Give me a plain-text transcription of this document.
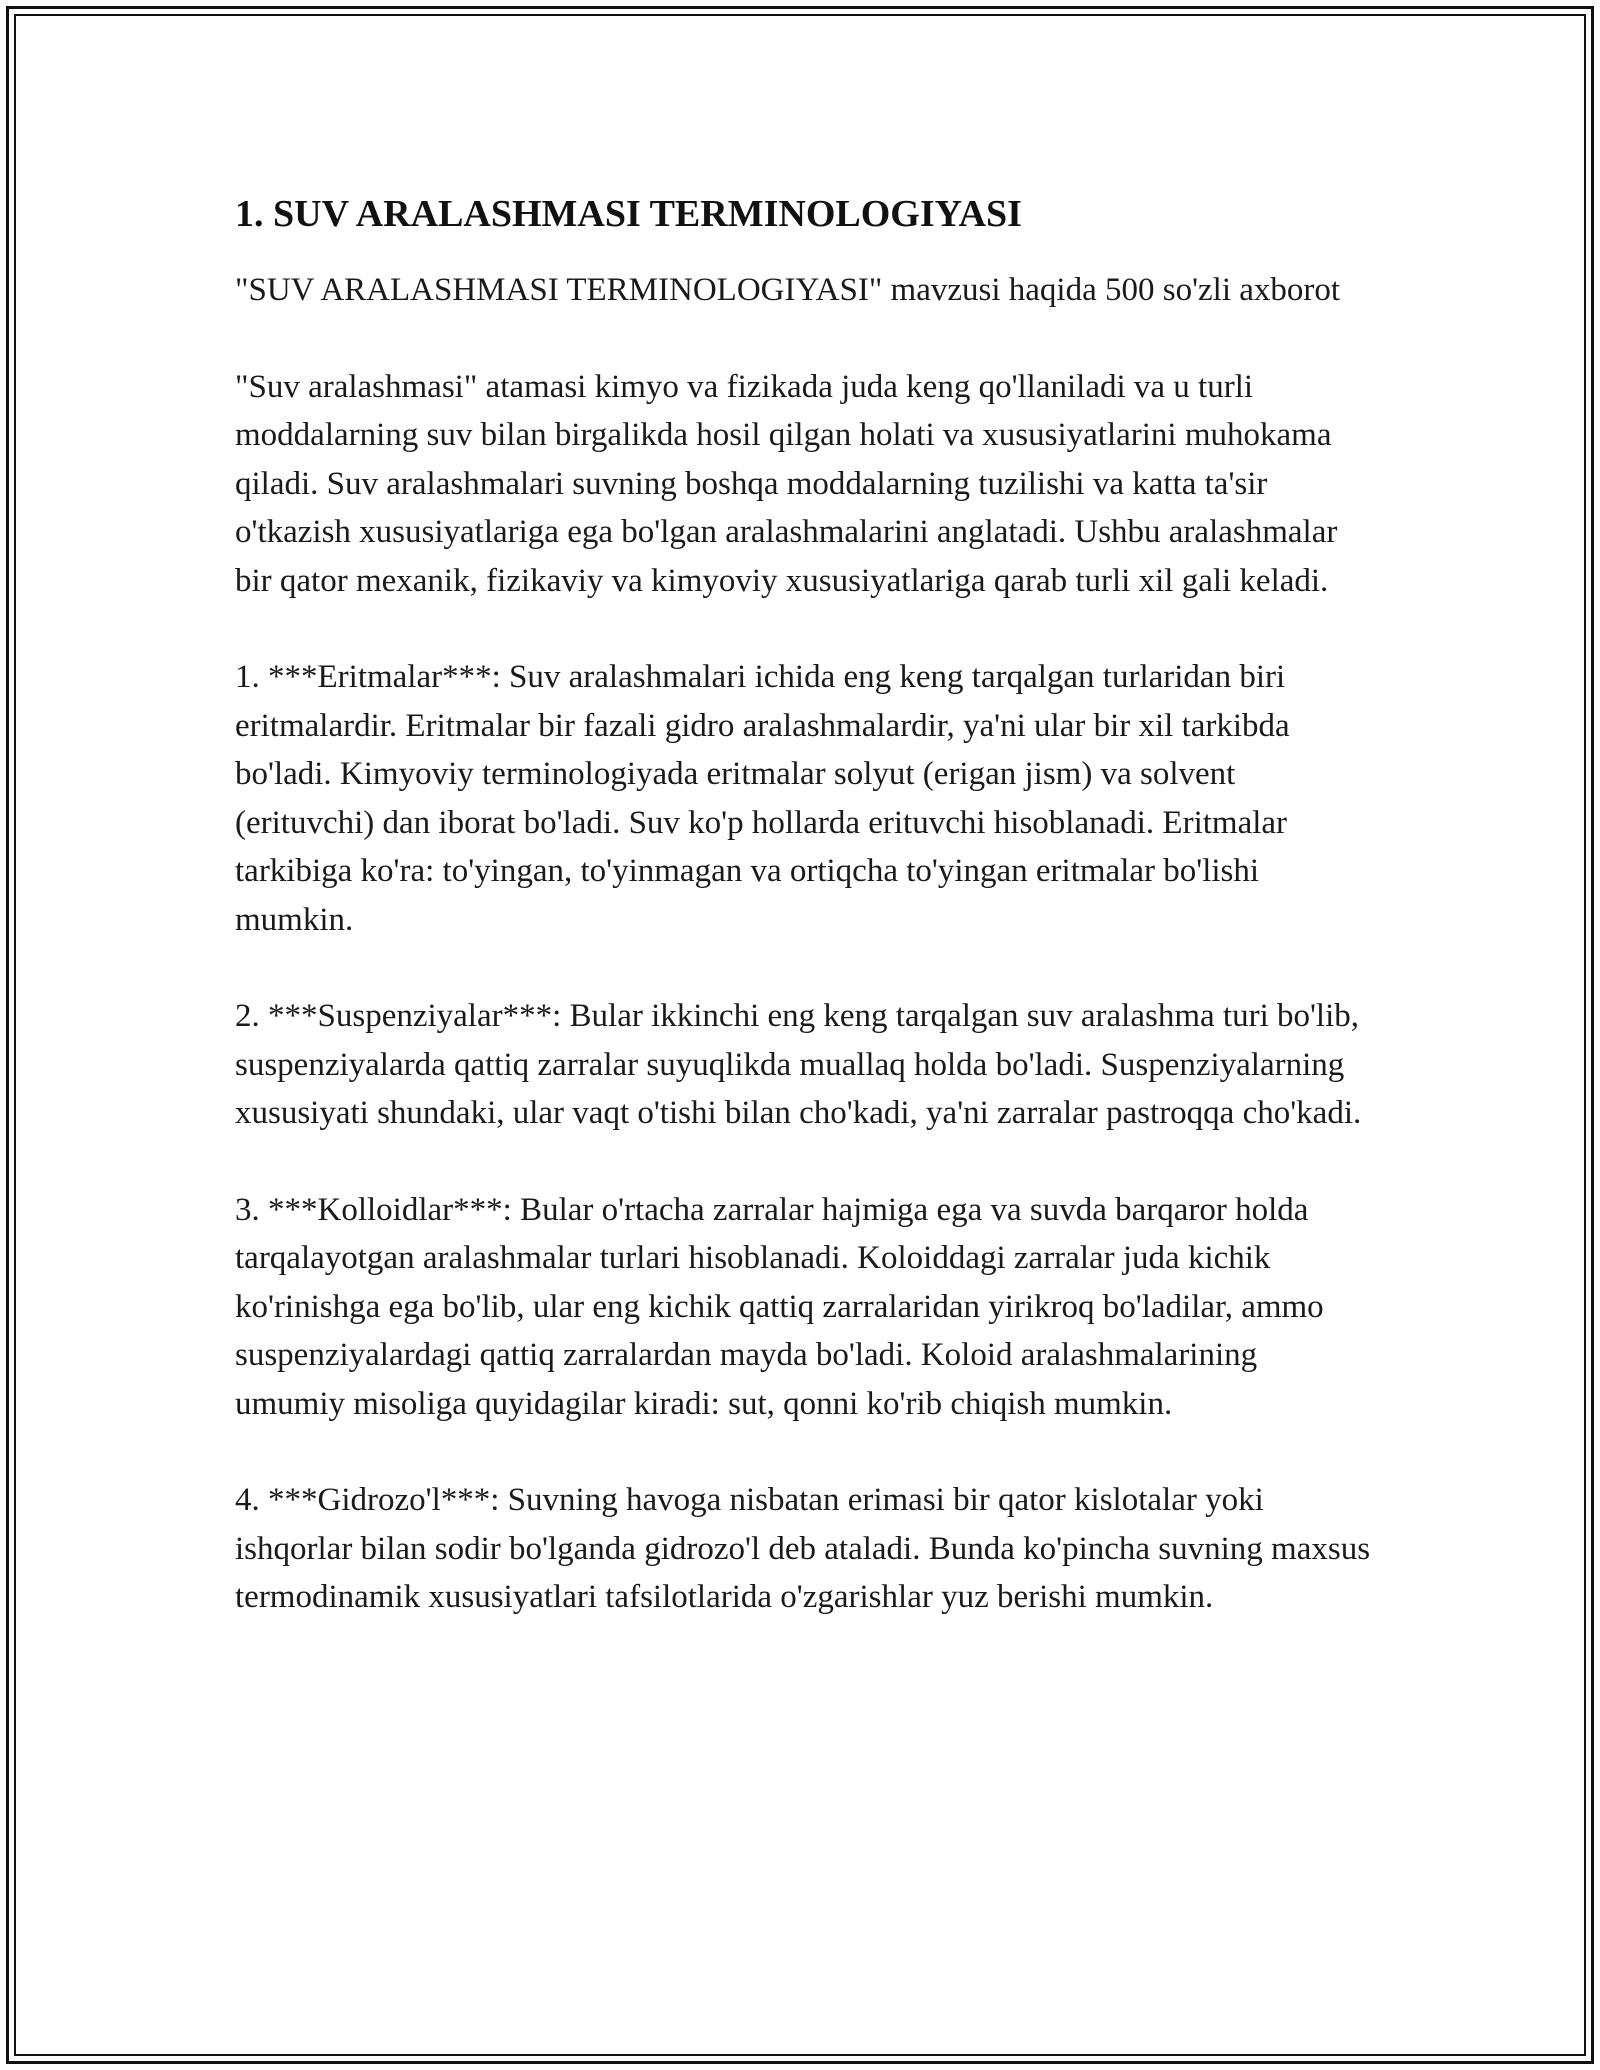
1. SUV ARALASHMASI TERMINOLOGIYASI

"SUV ARALASHMASI TERMINOLOGIYASI" mavzusi haqida 500 so'zli axborot

"Suv aralashmasi" atamasi kimyo va fizikada juda keng qo'llaniladi va u turli moddalarning suv bilan birgalikda hosil qilgan holati va xususiyatlarini muhokama qiladi. Suv aralashmalari suvning boshqa moddalarning tuzilishi va katta ta'sir o'tkazish xususiyatlariga ega bo'lgan aralashmalarini anglatadi. Ushbu aralashmalar bir qator mexanik, fizikaviy va kimyoviy xususiyatlariga qarab turli xil gali keladi.

1. ***Eritmalar***: Suv aralashmalari ichida eng keng tarqalgan turlaridan biri eritmalardir. Eritmalar bir fazali gidro aralashmalardir, ya'ni ular bir xil tarkibda bo'ladi. Kimyoviy terminologiyada eritmalar solyut (erigan jism) va solvent (erituvchi) dan iborat bo'ladi. Suv ko'p hollarda erituvchi hisoblanadi. Eritmalar tarkibiga ko'ra: to'yingan, to'yinmagan va ortiqcha to'yingan eritmalar bo'lishi mumkin.

2. ***Suspenziyalar***: Bular ikkinchi eng keng tarqalgan suv aralashma turi bo'lib, suspenziyalarda qattiq zarralar suyuqlikda muallaq holda bo'ladi. Suspenziyalarning xususiyati shundaki, ular vaqt o'tishi bilan cho'kadi, ya'ni zarralar pastroqqa cho'kadi.

3. ***Kolloidlar***: Bular o'rtacha zarralar hajmiga ega va suvda barqaror holda tarqalayotgan aralashmalar turlari hisoblanadi. Koloiddagi zarralar juda kichik ko'rinishga ega bo'lib, ular eng kichik qattiq zarralaridan yirikroq bo'ladilar, ammo suspenziyalardagi qattiq zarralardan mayda bo'ladi. Koloid aralashmalarining umumiy misoliga quyidagilar kiradi: sut, qonni ko'rib chiqish mumkin.

4. ***Gidrozo'l***: Suvning havoga nisbatan erimasi bir qator kislotalar yoki ishqorlar bilan sodir bo'lganda gidrozo'l deb ataladi. Bunda ko'pincha suvning maxsus termodinamik xususiyatlari tafsilotlarida o'zgarishlar yuz berishi mumkin.
